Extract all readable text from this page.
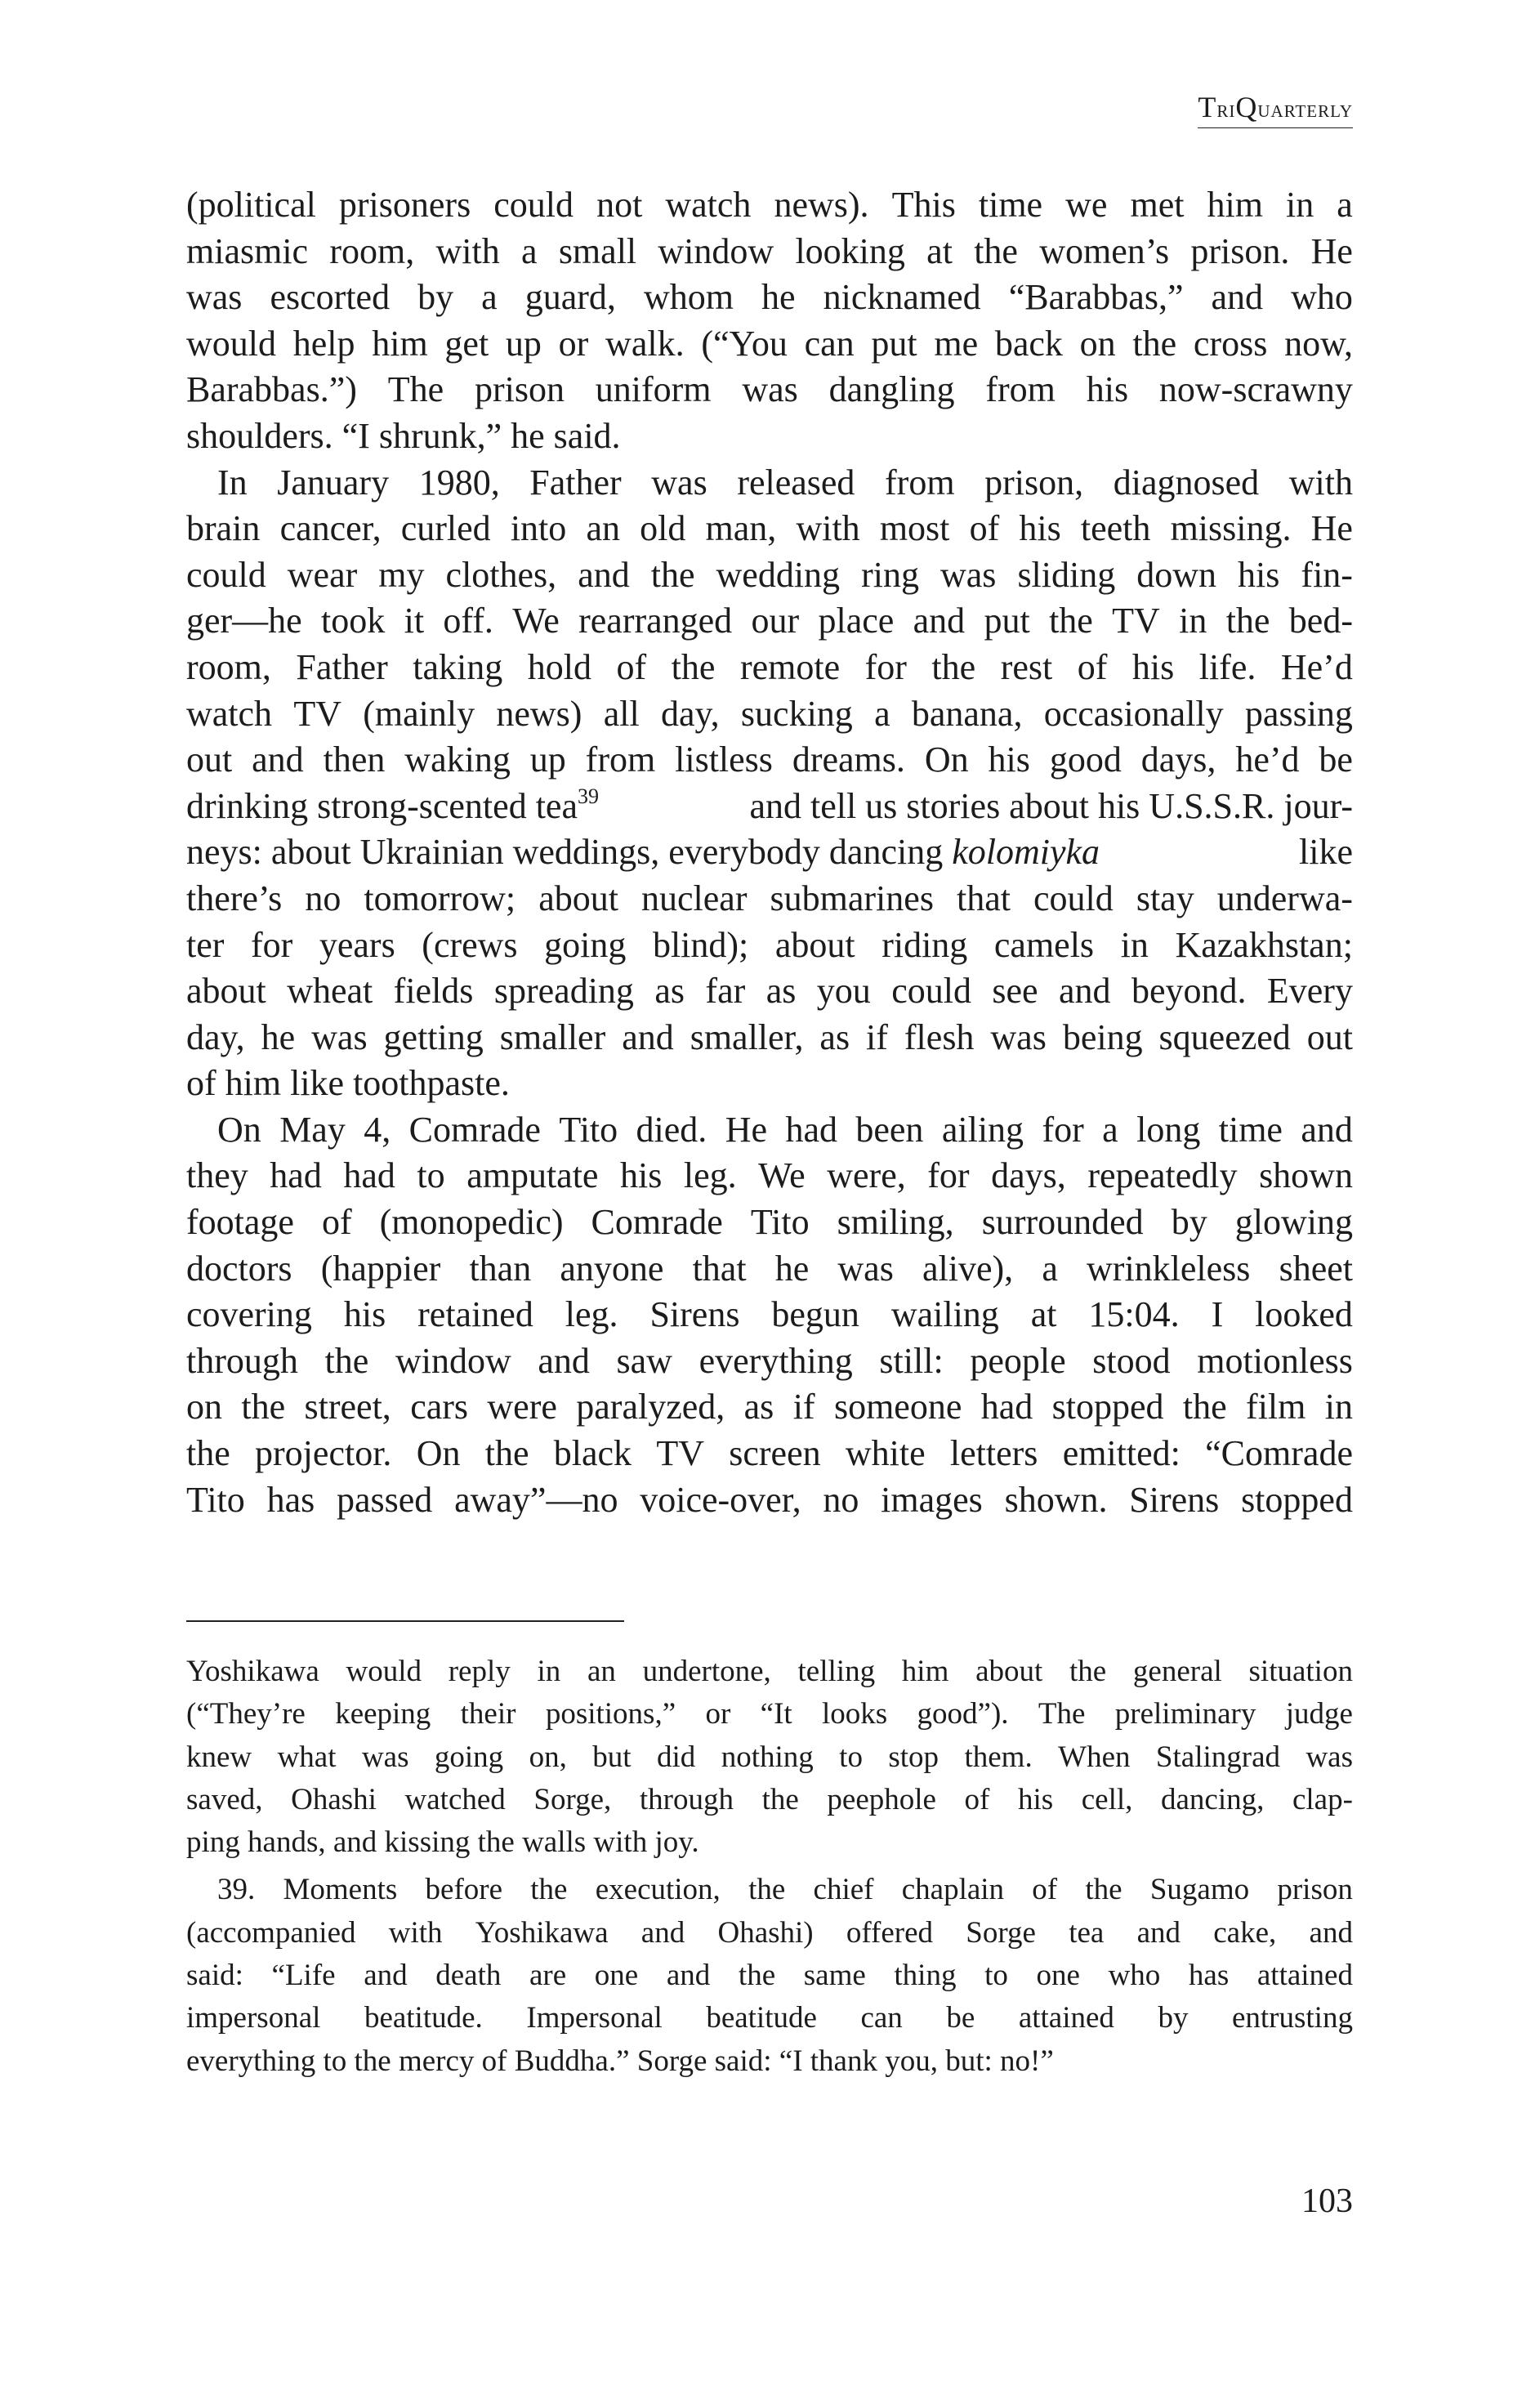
TriQuarterly
(political prisoners could not watch news). This time we met him in a
miasmic room, with a small window looking at the women’s prison. He
was escorted by a guard, whom he nicknamed “Barabbas,” and who
would help him get up or walk. (“You can put me back on the cross now,
Barabbas.”) The prison uniform was dangling from his now-scrawny
shoulders. “I shrunk,” he said.
In January 1980, Father was released from prison, diagnosed with
brain cancer, curled into an old man, with most of his teeth missing. He
could wear my clothes, and the wedding ring was sliding down his fin-
ger—he took it off. We rearranged our place and put the TV in the bed-
room, Father taking hold of the remote for the rest of his life. He’d
watch TV (mainly news) all day, sucking a banana, occasionally passing
out and then waking up from listless dreams. On his good days, he’d be
drinking strong-scented tea$^{39}$	and tell us stories about his U.S.S.R. jour-
neys: about Ukrainian weddings, everybody dancing kolomiyka	like
there’s no tomorrow; about nuclear submarines that could stay underwa-
ter for years (crews going blind); about riding camels in Kazakhstan;
about wheat fields spreading as far as you could see and beyond. Every
day, he was getting smaller and smaller, as if flesh was being squeezed out
of him like toothpaste.
On May 4, Comrade Tito died. He had been ailing for a long time and
they had had to amputate his leg. We were, for days, repeatedly shown
footage of (monopedic) Comrade Tito smiling, surrounded by glowing
doctors (happier than anyone that he was alive), a wrinkleless sheet
covering his retained leg. Sirens begun wailing at 15:04. I looked
through the window and saw everything still: people stood motionless
on the street, cars were paralyzed, as if someone had stopped the film in
the projector. On the black TV screen white letters emitted: “Comrade
Tito has passed away”—no voice-over, no images shown. Sirens stopped
Yoshikawa would reply in an undertone, telling him about the general situation
(“They’re keeping their positions,” or “It looks good”). The preliminary judge
knew what was going on, but did nothing to stop them. When Stalingrad was
saved, Ohashi watched Sorge, through the peephole of his cell, dancing, clap-
ping hands, and kissing the walls with joy.
39. Moments before the execution, the chief chaplain of the Sugamo prison
(accompanied with Yoshikawa and Ohashi) offered Sorge tea and cake, and
said: “Life and death are one and the same thing to one who has attained
impersonal beatitude. Impersonal beatitude can be attained by entrusting
everything to the mercy of Buddha.” Sorge said: “I thank you, but: no!”
103
